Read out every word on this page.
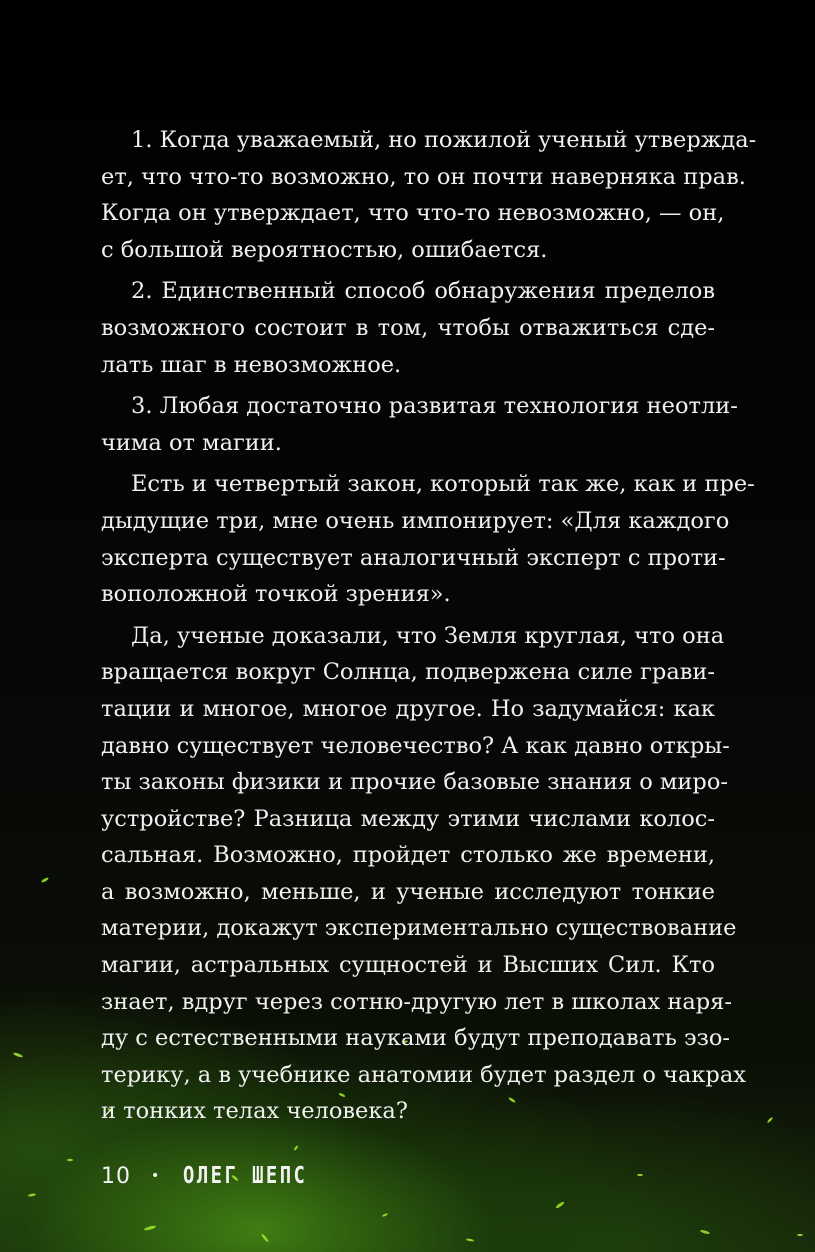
1. Когда уважаемый, но пожилой ученый утвержда-
ет, что что-то возможно, то он почти наверняка прав.
Когда он утверждает, что что-то невозможно, — он,
с большой вероятностью, ошибается.
2. Единственный способ обнаружения пределов
возможного состоит в том, чтобы отважиться сде-
лать шаг в невозможное.
3. Любая достаточно развитая технология неотли-
чима от магии.
Есть и четвертый закон, который так же, как и пре-
дыдущие три, мне очень импонирует: «Для каждого
эксперта существует аналогичный эксперт с проти-
воположной точкой зрения».
Да, ученые доказали, что Земля круглая, что она
вращается вокруг Солнца, подвержена силе грави-
тации и многое, многое другое. Но задумайся: как
давно существует человечество? А как давно откры-
ты законы физики и прочие базовые знания о миро-
устройстве? Разница между этими числами колос-
сальная. Возможно, пройдет столько же времени,
а возможно, меньше, и ученые исследуют тонкие
материи, докажут экспериментально существование
магии, астральных сущностей и Высших Сил. Кто
знает, вдруг через сотню-другую лет в школах наря-
ду с естественными науками будут преподавать эзо-
терику, а в учебнике анатомии будет раздел о чакрах
и тонких телах человека?
10 • ОЛЕГ ШЕПС
